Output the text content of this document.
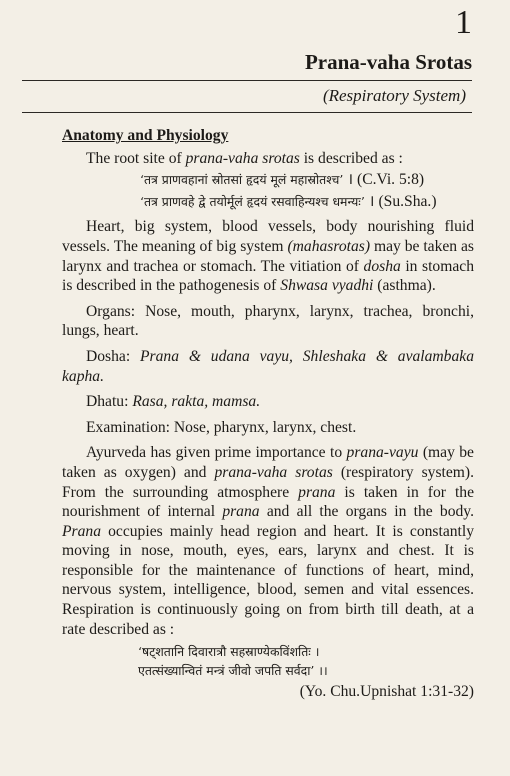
1
Prana-vaha Srotas
(Respiratory System)
Anatomy and Physiology

The root site of prana-vaha srotas is described as :

‘तत्र प्राणवहानां स्रोतसां हृदयं मूलं महास्रोतश्च’ । (C.Vi. 5:8)
‘तत्र प्राणवहे द्वे तयोर्मूलं हृदयं रसवाहिन्यश्च धमन्यः’ । (Su.Sha.)

Heart, big system, blood vessels, body nourishing fluid vessels. The meaning of big system (mahasrotas) may be taken as larynx and trachea or stomach. The vitiation of dosha in stomach is described in the pathogenesis of Shwasa vyadhi (asthma).

Organs: Nose, mouth, pharynx, larynx, trachea, bronchi, lungs, heart.

Dosha: Prana & udana vayu, Shleshaka & avalambaka kapha.

Dhatu: Rasa, rakta, mamsa.

Examination: Nose, pharynx, larynx, chest.

Ayurveda has given prime importance to prana-vayu (may be taken as oxygen) and prana-vaha srotas (respiratory system). From the surrounding atmosphere prana is taken in for the nourishment of internal prana and all the organs in the body. Prana occupies mainly head region and heart. It is constantly moving in nose, mouth, eyes, ears, larynx and chest. It is responsible for the maintenance of functions of heart, mind, nervous system, intelligence, blood, semen and vital essences. Respiration is continuously going on from birth till death, at a rate described as :

‘षट्शतानि दिवारात्रौ सहस्राण्येकविंशतिः ।
एतत्संख्यान्वितं मन्त्रं जीवो जपति सर्वदा’ ।।
(Yo. Chu.Upnishat 1:31-32)
